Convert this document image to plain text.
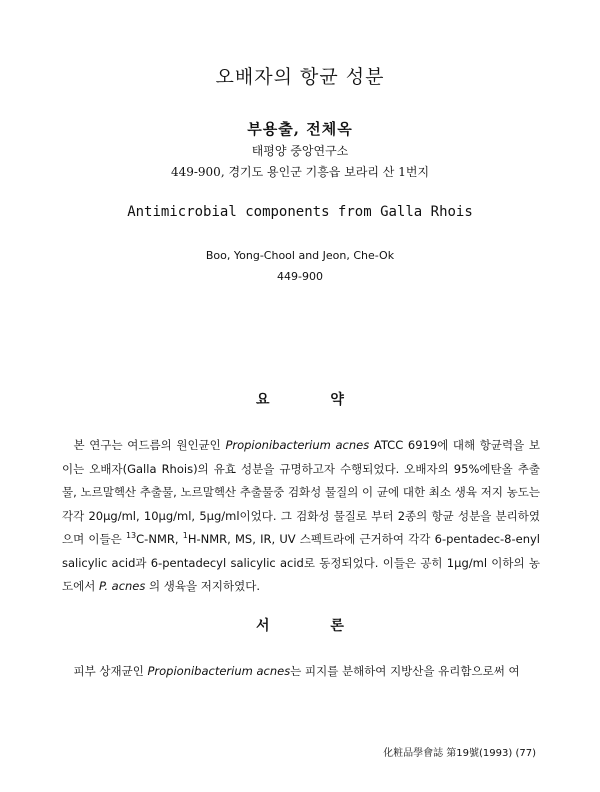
오배자의 항균 성분
부용출, 전체옥
태평양 중앙연구소
449-900, 경기도 용인군 기흥읍 보라리 산 1번지
Antimicrobial components from Galla Rhois
Boo, Yong-Chool and Jeon, Che-Ok
449-900
요 약
 본 연구는 여드름의 원인균인 Propionibacterium acnes ATCC 6919에 대해 항균력을 보이는 오배자(Galla Rhois)의 유효 성분을 규명하고자 수행되었다. 오배자의 95%에탄올 추출물, 노르말헥산 추출물, 노르말헥산 추출물중 검화성 물질의 이 균에 대한 최소 생육 저지 농도는 각각 20μg/ml, 10μg/ml, 5μg/ml이었다. 그 검화성 물질로 부터 2종의 항균 성분을 분리하였으며 이들은 $^{13}$C-NMR, $^1$H-NMR, MS, IR, UV 스펙트라에 근거하여 각각 6-pentadec-8-enyl salicylic acid과 6-pentadecyl salicylic acid로 동정되었다. 이들은 공히 1μg/ml 이하의 농도에서 P. acnes 의 생육을 저지하였다.
서 론
 피부 상재균인 Propionibacterium acnes는 피지를 분해하여 지방산을 유리함으로써 여
化粧品學會誌 第19號(1993) (77)
